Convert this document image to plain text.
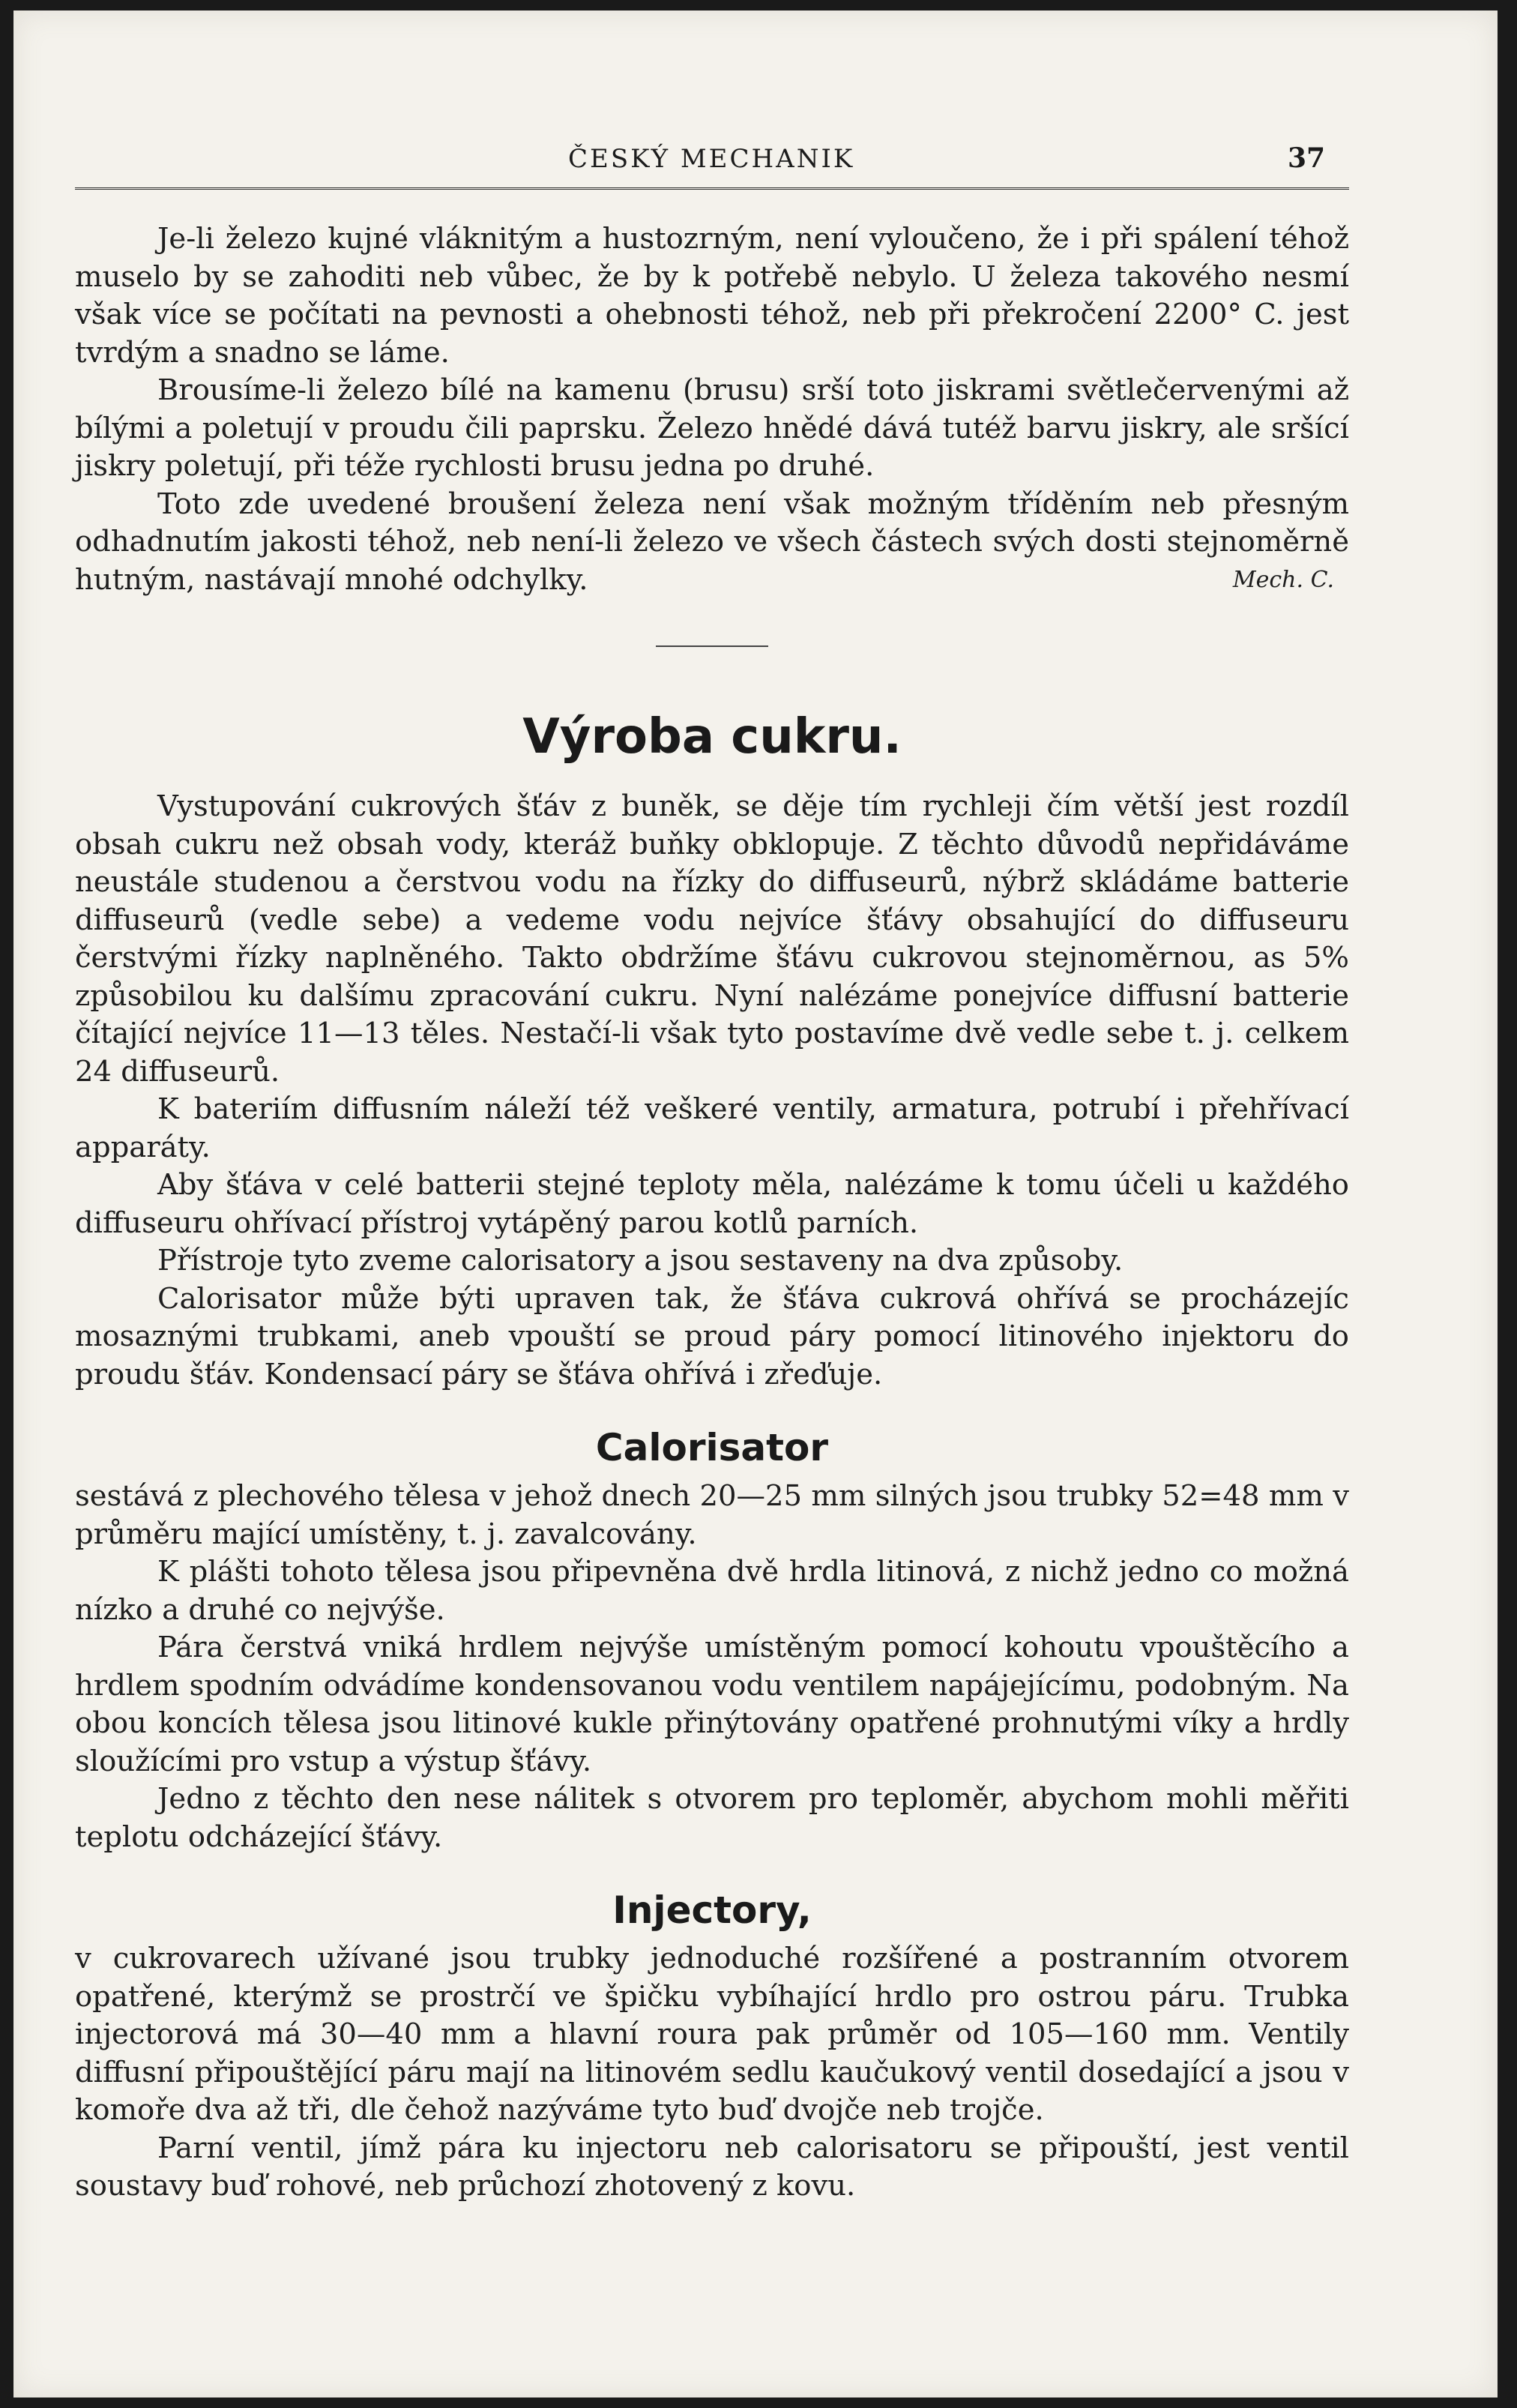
ČESKÝ MECHANIK	37

Je-li železo kujné vláknitým a hustozrným, není vyloučeno, že i při spálení téhož muselo by se zahoditi neb vůbec, že by k potřebě nebylo. U železa takového nesmí však více se počítati na pevnosti a ohebnosti téhož, neb při překročení 2200° C. jest tvrdým a snadno se láme.

Brousíme-li železo bílé na kamenu (brusu) srší toto jiskrami světlečervenými až bílými a poletují v proudu čili paprsku. Železo hnědé dává tutéž barvu jiskry, ale sršící jiskry poletují, při téže rychlosti brusu jedna po druhé.

Toto zde uvedené broušení železa není však možným tříděním neb přesným odhadnutím jakosti téhož, neb není-li železo ve všech částech svých dosti stejnoměrně hutným, nastávají mnohé odchylky.	Mech. C.

Výroba cukru.

Vystupování cukrových šťáv z buněk, se děje tím rychleji čím větší jest rozdíl obsah cukru než obsah vody, kteráž buňky obklopuje. Z těchto důvodů nepřidáváme neustále studenou a čerstvou vodu na řízky do diffuseurů, nýbrž skládáme batterie diffuseurů (vedle sebe) a vedeme vodu nejvíce šťávy obsahující do diffuseuru čerstvými řízky naplněného. Takto obdržíme šťávu cukrovou stejnoměrnou, as 5% způsobilou ku dalšímu zpracování cukru. Nyní nalézáme ponejvíce diffusní batterie čítající nejvíce 11—13 těles. Nestačí-li však tyto postavíme dvě vedle sebe t. j. celkem 24 diffuseurů.

K bateriím diffusním náleží též veškeré ventily, armatura, potrubí i přehřívací apparáty.

Aby šťáva v celé batterii stejné teploty měla, nalézáme k tomu účeli u každého diffuseuru ohřívací přístroj vytápěný parou kotlů parních.

Přístroje tyto zveme calorisatory a jsou sestaveny na dva způsoby.

Calorisator může býti upraven tak, že šťáva cukrová ohřívá se procházejíc mosaznými trubkami, aneb vpouští se proud páry pomocí litinového injektoru do proudu šťáv. Kondensací páry se šťáva ohřívá i zřeďuje.

Calorisator

sestává z plechového tělesa v jehož dnech 20—25 mm silných jsou trubky 52=48 mm v průměru mající umístěny, t. j. zavalcovány.

K plášti tohoto tělesa jsou připevněna dvě hrdla litinová, z nichž jedno co možná nízko a druhé co nejvýše.

Pára čerstvá vniká hrdlem nejvýše umístěným pomocí kohoutu vpouštěcího a hrdlem spodním odvádíme kondensovanou vodu ventilem napájejícímu, podobným. Na obou koncích tělesa jsou litinové kukle přinýtovány opatřené prohnutými víky a hrdly sloužícími pro vstup a výstup šťávy.

Jedno z těchto den nese nálitek s otvorem pro teploměr, abychom mohli měřiti teplotu odcházející šťávy.

Injectory,

v cukrovarech užívané jsou trubky jednoduché rozšířené a postranním otvorem opatřené, kterýmž se prostrčí ve špičku vybíhající hrdlo pro ostrou páru. Trubka injectorová má 30—40 mm a hlavní roura pak průměr od 105—160 mm. Ventily diffusní připouštějící páru mají na litinovém sedlu kaučukový ventil dosedající a jsou v komoře dva až tři, dle čehož nazýváme tyto buď dvojče neb trojče.

Parní ventil, jímž pára ku injectoru neb calorisatoru se připouští, jest ventil soustavy buď rohové, neb průchozí zhotovený z kovu.
